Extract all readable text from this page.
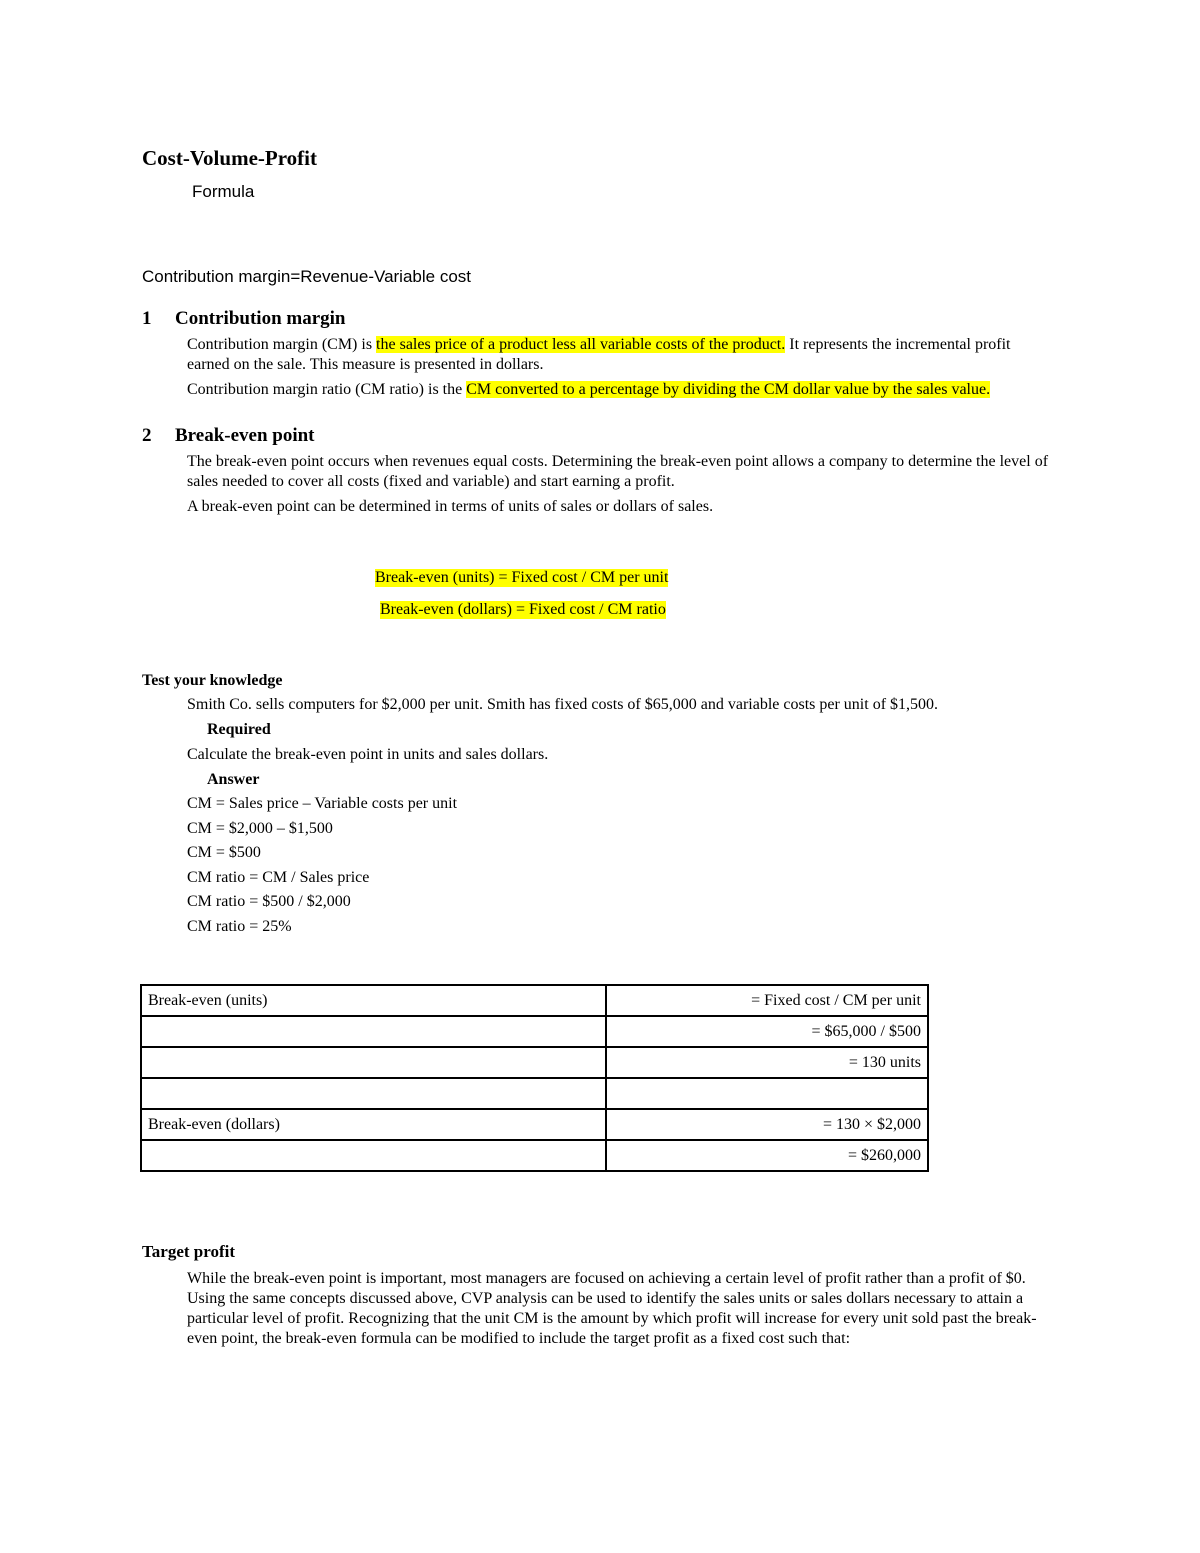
Cost-Volume-Profit
Formula
Contribution margin=Revenue-Variable cost
1 Contribution margin
Contribution margin (CM) is the sales price of a product less all variable costs of the product. It represents the incremental profit earned on the sale. This measure is presented in dollars.
Contribution margin ratio (CM ratio) is the CM converted to a percentage by dividing the CM dollar value by the sales value.
2 Break-even point
The break-even point occurs when revenues equal costs. Determining the break-even point allows a company to determine the level of sales needed to cover all costs (fixed and variable) and start earning a profit.
A break-even point can be determined in terms of units of sales or dollars of sales.
Break-even (units) = Fixed cost / CM per unit
Break-even (dollars) = Fixed cost / CM ratio
Test your knowledge
Smith Co. sells computers for $2,000 per unit. Smith has fixed costs of $65,000 and variable costs per unit of $1,500.
Required
Calculate the break-even point in units and sales dollars.
Answer
CM = Sales price – Variable costs per unit
CM = $2,000 – $1,500
CM = $500
CM ratio = CM / Sales price
CM ratio = $500 / $2,000
CM ratio = 25%
Break-even (units)	= Fixed cost / CM per unit
	= $65,000 / $500
	= 130 units

Break-even (dollars)	= 130 × $2,000
	= $260,000
Target profit
While the break-even point is important, most managers are focused on achieving a certain level of profit rather than a profit of $0. Using the same concepts discussed above, CVP analysis can be used to identify the sales units or sales dollars necessary to attain a particular level of profit. Recognizing that the unit CM is the amount by which profit will increase for every unit sold past the break-even point, the break-even formula can be modified to include the target profit as a fixed cost such that:
